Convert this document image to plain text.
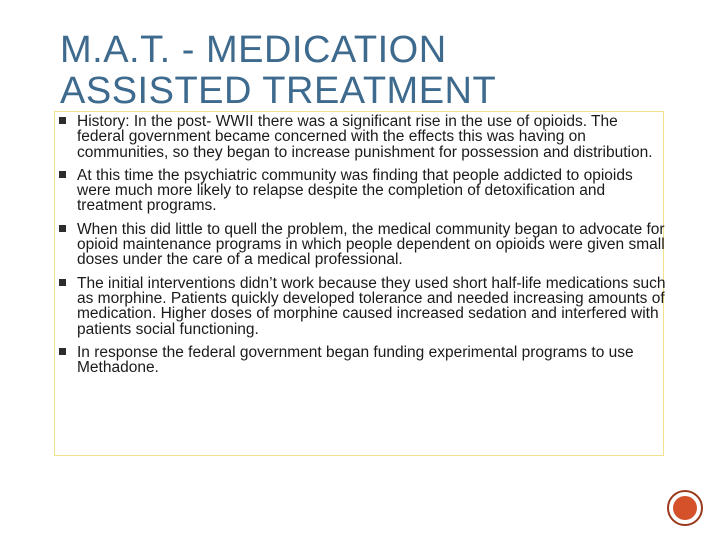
M.A.T. - MEDICATION
ASSISTED TREATMENT
History: In the post- WWII there was a significant rise in the use of opioids. The federal government became concerned with the effects this was having on communities, so they began to increase punishment for possession and distribution.
At this time the psychiatric community was finding that people addicted to opioids were much more likely to relapse despite the completion of detoxification and treatment programs.
When this did little to quell the problem, the medical community began to advocate for opioid maintenance programs in which people dependent on opioids were given small doses under the care of a medical professional.
The initial interventions didn’t work because they used short half-life medications such as morphine. Patients quickly developed tolerance and needed increasing amounts of medication. Higher doses of morphine caused increased sedation and interfered with patients social functioning.
In response the federal government began funding experimental programs to use Methadone.
